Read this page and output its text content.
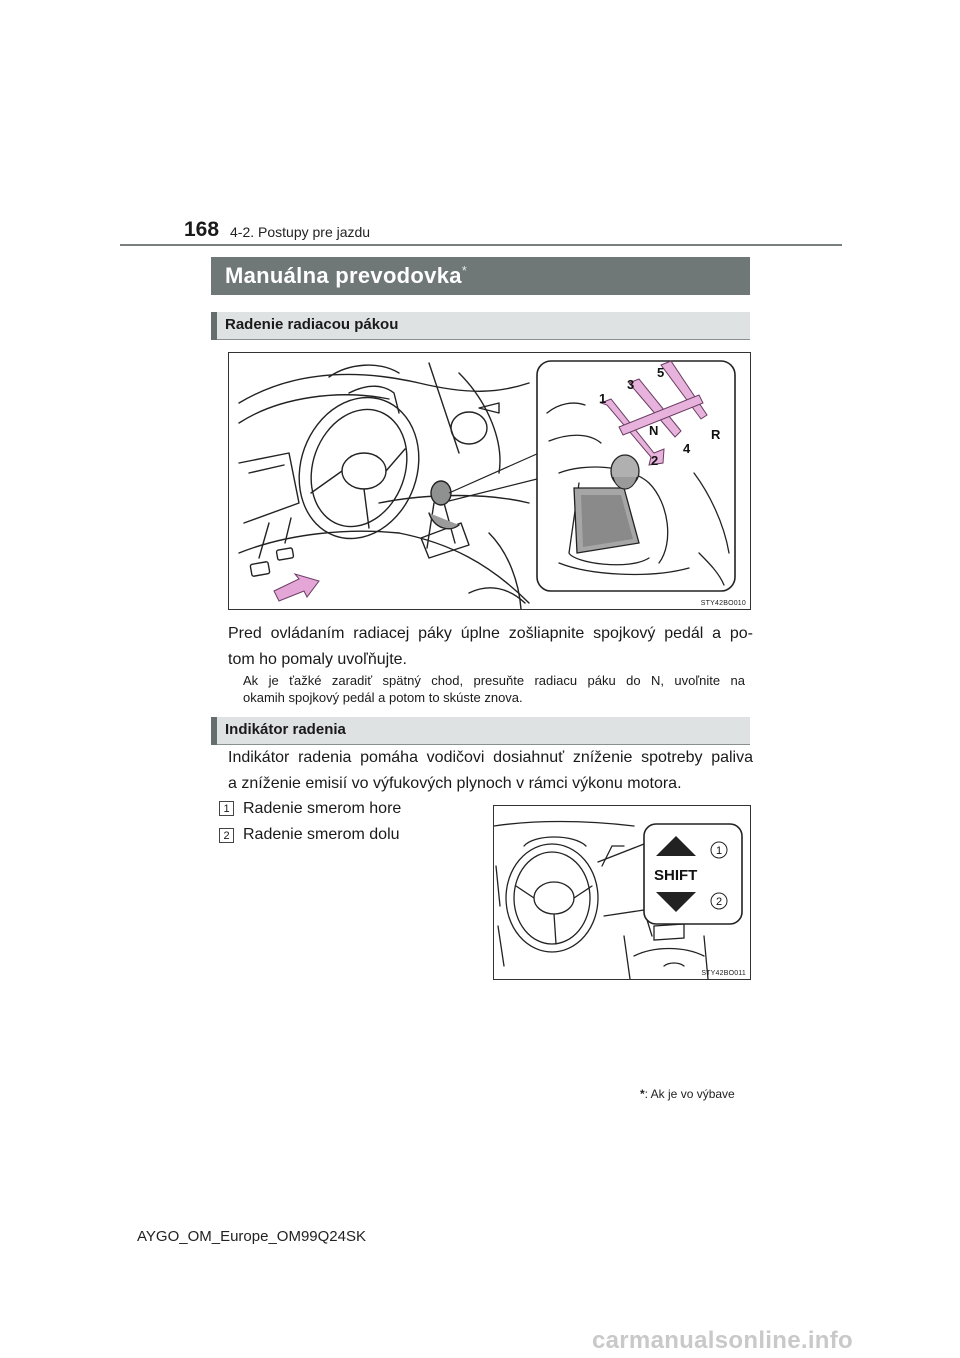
168 4-2. Postupy pre jazdu
Manuálna prevodovka*
Radenie radiacou pákou
1
3
5
N
2
4
R
STY42BO010
Pred ovládaním radiacej páky úplne zošliapnite spojkový pedál a po-
tom ho pomaly uvoľňujte.
Ak je ťažké zaradiť spätný chod, presuňte radiacu páku do N, uvoľnite na
okamih spojkový pedál a potom to skúste znova.
Indikátor radenia
Indikátor radenia pomáha vodičovi dosiahnuť zníženie spotreby paliva
a zníženie emisií vo výfukových plynoch v rámci výkonu motora.
1 Radenie smerom hore
2 Radenie smerom dolu
SHIFT
1
2
STY42BO011
*: Ak je vo výbave
AYGO_OM_Europe_OM99Q24SK
carmanualsonline.info
